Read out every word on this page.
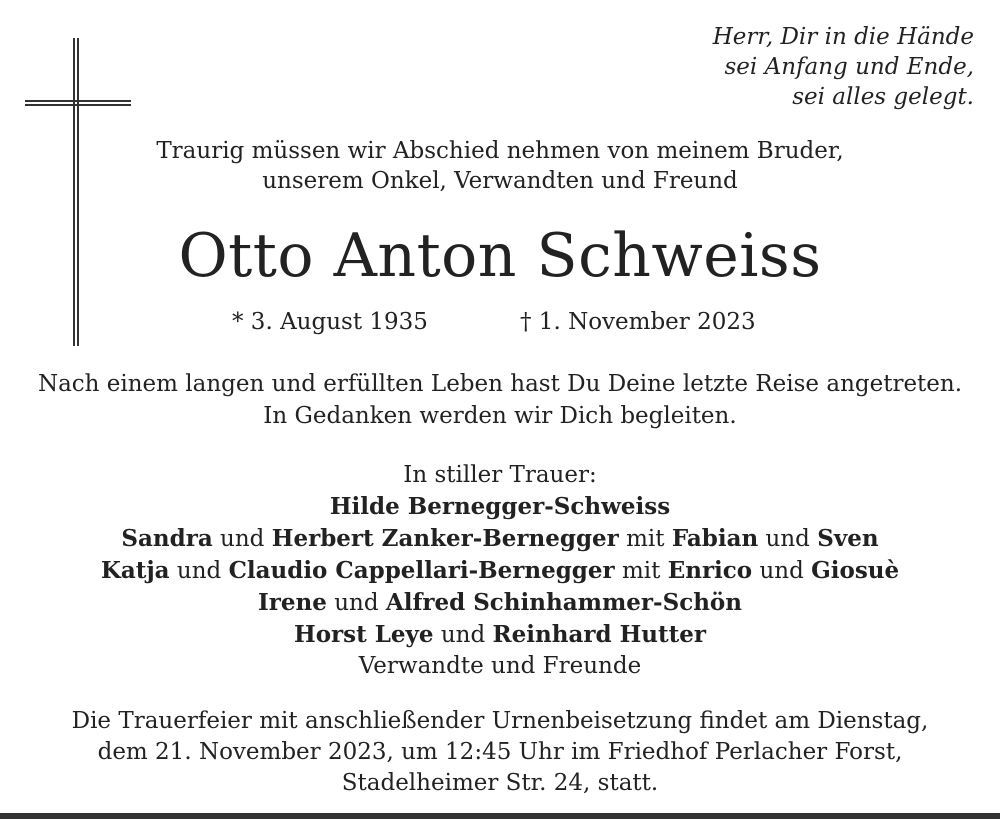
Herr, Dir in die Hände
sei Anfang und Ende,
sei alles gelegt.
Traurig müssen wir Abschied nehmen von meinem Bruder,
unserem Onkel, Verwandten und Freund
Otto Anton Schweiss
* 3. August 1935	† 1. November 2023
Nach einem langen und erfüllten Leben hast Du Deine letzte Reise angetreten.
In Gedanken werden wir Dich begleiten.
In stiller Trauer:
Hilde Bernegger-Schweiss
Sandra und Herbert Zanker-Bernegger mit Fabian und Sven
Katja und Claudio Cappellari-Bernegger mit Enrico und Giosuè
Irene und Alfred Schinhammer-Schön
Horst Leye und Reinhard Hutter
Verwandte und Freunde
Die Trauerfeier mit anschließender Urnenbeisetzung findet am Dienstag,
dem 21. November 2023, um 12:45 Uhr im Friedhof Perlacher Forst,
Stadelheimer Str. 24, statt.
